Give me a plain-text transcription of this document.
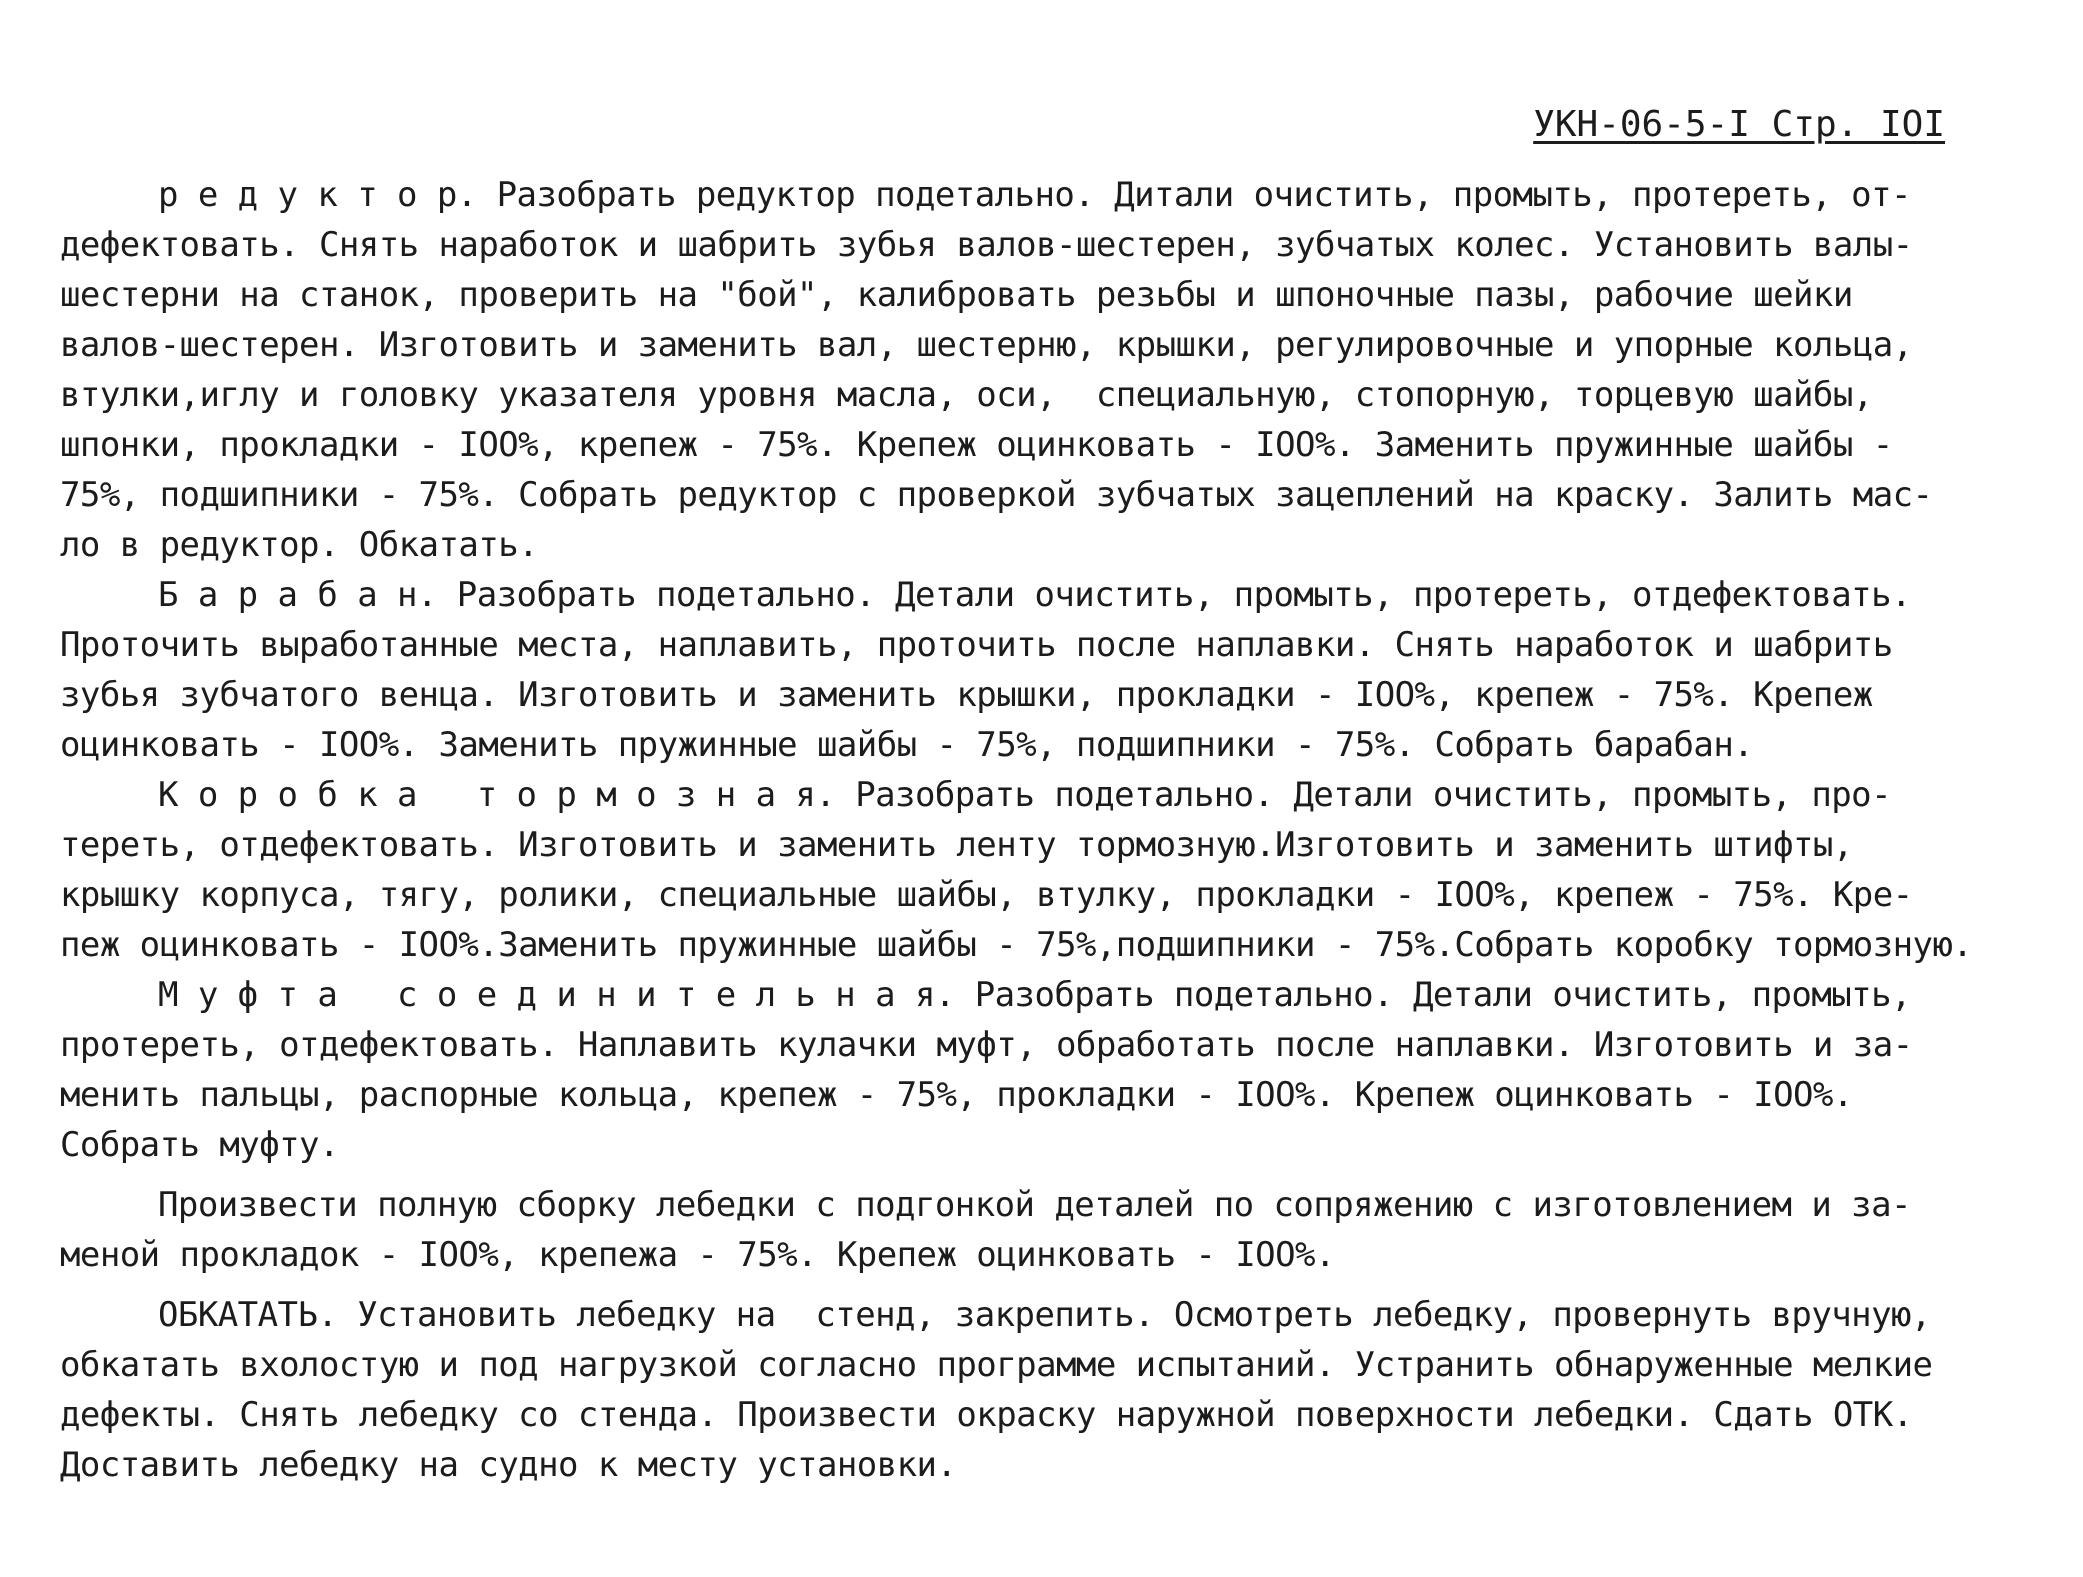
УКН-06-5-I Стр. IOI
р е д у к т о р. Разобрать редуктор подетально. Дитали очистить, промыть, протереть, от-
дефектовать. Снять наработок и шабрить зубья валов-шестерен, зубчатых колес. Установить валы-
шестерни на станок, проверить на "бой", калибровать резьбы и шпоночные пазы, рабочие шейки
валов-шестерен. Изготовить и заменить вал, шестерню, крышки, регулировочные и упорные кольца,
втулки,иглу и головку указателя уровня масла, оси,  специальную, стопорную, торцевую шайбы,
шпонки, прокладки - IOO%, крепеж - 75%. Крепеж оцинковать - IOO%. Заменить пружинные шайбы -
75%, подшипники - 75%. Собрать редуктор с проверкой зубчатых зацеплений на краску. Залить мас-
ло в редуктор. Обкатать.
Б а р а б а н. Разобрать подетально. Детали очистить, промыть, протереть, отдефектовать.
Проточить выработанные места, наплавить, проточить после наплавки. Снять наработок и шабрить
зубья зубчатого венца. Изготовить и заменить крышки, прокладки - IOO%, крепеж - 75%. Крепеж
оцинковать - IOO%. Заменить пружинные шайбы - 75%, подшипники - 75%. Собрать барабан.
К о р о б к а   т о р м о з н а я. Разобрать подетально. Детали очистить, промыть, про-
тереть, отдефектовать. Изготовить и заменить ленту тормозную.Изготовить и заменить штифты,
крышку корпуса, тягу, ролики, специальные шайбы, втулку, прокладки - IOO%, крепеж - 75%. Кре-
пеж оцинковать - IOO%.Заменить пружинные шайбы - 75%,подшипники - 75%.Собрать коробку тормозную.
М у ф т а   с о е д и н и т е л ь н а я. Разобрать подетально. Детали очистить, промыть,
протереть, отдефектовать. Наплавить кулачки муфт, обработать после наплавки. Изготовить и за-
менить пальцы, распорные кольца, крепеж - 75%, прокладки - IOO%. Крепеж оцинковать - IOO%.
Собрать муфту.
Произвести полную сборку лебедки с подгонкой деталей по сопряжению с изготовлением и за-
меной прокладок - IOO%, крепежа - 75%. Крепеж оцинковать - IOO%.
ОБКАТАТЬ. Установить лебедку на  стенд, закрепить. Осмотреть лебедку, провернуть вручную,
обкатать вхолостую и под нагрузкой согласно программе испытаний. Устранить обнаруженные мелкие
дефекты. Снять лебедку со стенда. Произвести окраску наружной поверхности лебедки. Сдать ОТК.
Доставить лебедку на судно к месту установки.
